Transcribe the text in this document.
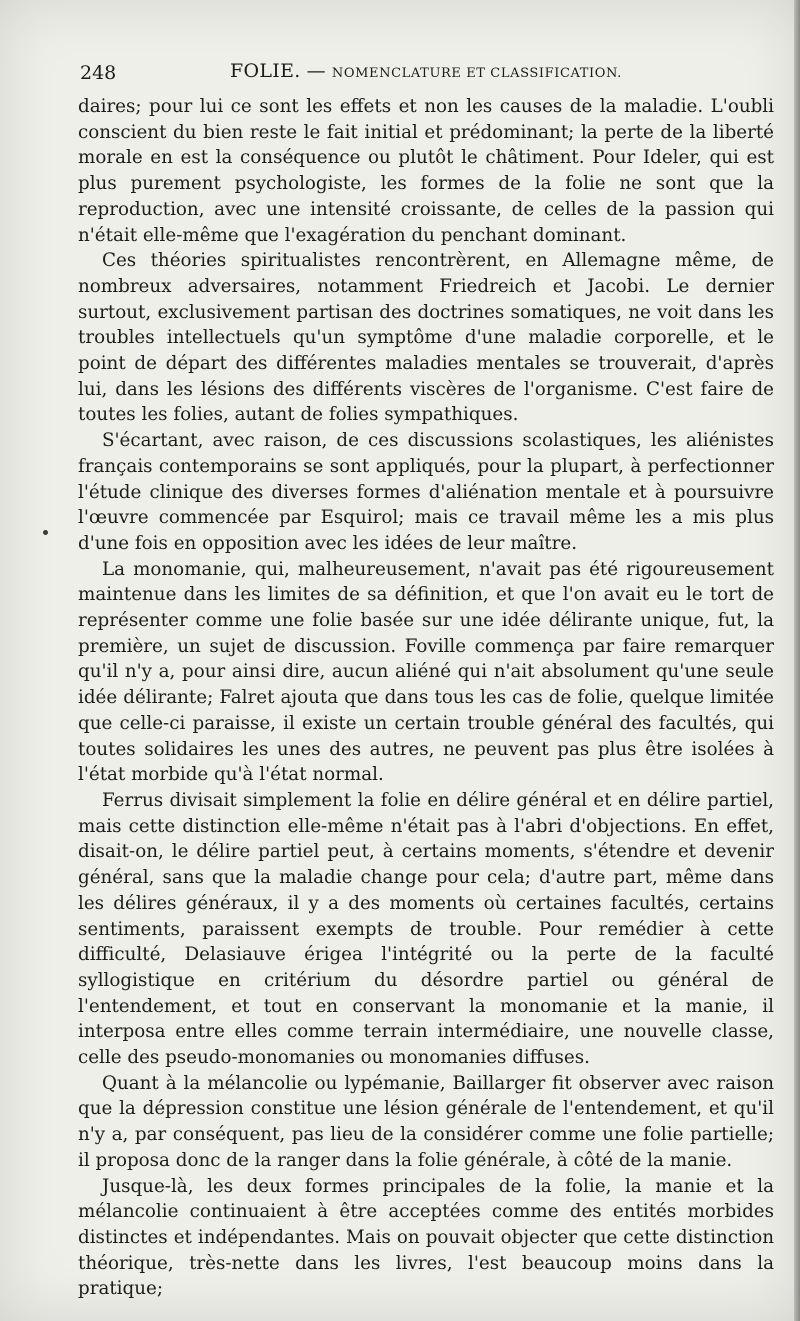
248	FOLIE. — NOMENCLATURE ET CLASSIFICATION.

daires; pour lui ce sont les effets et non les causes de la maladie. L'oubli conscient du bien reste le fait initial et prédominant; la perte de la liberté morale en est la conséquence ou plutôt le châtiment. Pour Ideler, qui est plus purement psychologiste, les formes de la folie ne sont que la reproduction, avec une intensité croissante, de celles de la passion qui n'était elle-même que l'exagération du penchant dominant.

Ces théories spiritualistes rencontrèrent, en Allemagne même, de nombreux adversaires, notamment Friedreich et Jacobi. Le dernier surtout, exclusivement partisan des doctrines somatiques, ne voit dans les troubles intellectuels qu'un symptôme d'une maladie corporelle, et le point de départ des différentes maladies mentales se trouverait, d'après lui, dans les lésions des différents viscères de l'organisme. C'est faire de toutes les folies, autant de folies sympathiques.

S'écartant, avec raison, de ces discussions scolastiques, les aliénistes français contemporains se sont appliqués, pour la plupart, à perfectionner l'étude clinique des diverses formes d'aliénation mentale et à poursuivre l'œuvre commencée par Esquirol; mais ce travail même les a mis plus d'une fois en opposition avec les idées de leur maître.

La monomanie, qui, malheureusement, n'avait pas été rigoureusement maintenue dans les limites de sa définition, et que l'on avait eu le tort de représenter comme une folie basée sur une idée délirante unique, fut, la première, un sujet de discussion. Foville commença par faire remarquer qu'il n'y a, pour ainsi dire, aucun aliéné qui n'ait absolument qu'une seule idée délirante; Falret ajouta que dans tous les cas de folie, quelque limitée que celle-ci paraisse, il existe un certain trouble général des facultés, qui toutes solidaires les unes des autres, ne peuvent pas plus être isolées à l'état morbide qu'à l'état normal.

Ferrus divisait simplement la folie en délire général et en délire partiel, mais cette distinction elle-même n'était pas à l'abri d'objections. En effet, disait-on, le délire partiel peut, à certains moments, s'étendre et devenir général, sans que la maladie change pour cela; d'autre part, même dans les délires généraux, il y a des moments où certaines facultés, certains sentiments, paraissent exempts de trouble. Pour remédier à cette difficulté, Delasiauve érigea l'intégrité ou la perte de la faculté syllogistique en critérium du désordre partiel ou général de l'entendement, et tout en conservant la monomanie et la manie, il interposa entre elles comme terrain intermédiaire, une nouvelle classe, celle des pseudo-monomanies ou monomanies diffuses.

Quant à la mélancolie ou lypémanie, Baillarger fit observer avec raison que la dépression constitue une lésion générale de l'entendement, et qu'il n'y a, par conséquent, pas lieu de la considérer comme une folie partielle; il proposa donc de la ranger dans la folie générale, à côté de la manie.

Jusque-là, les deux formes principales de la folie, la manie et la mélancolie continuaient à être acceptées comme des entités morbides distinctes et indépendantes. Mais on pouvait objecter que cette distinction théorique, très-nette dans les livres, l'est beaucoup moins dans la pratique;
